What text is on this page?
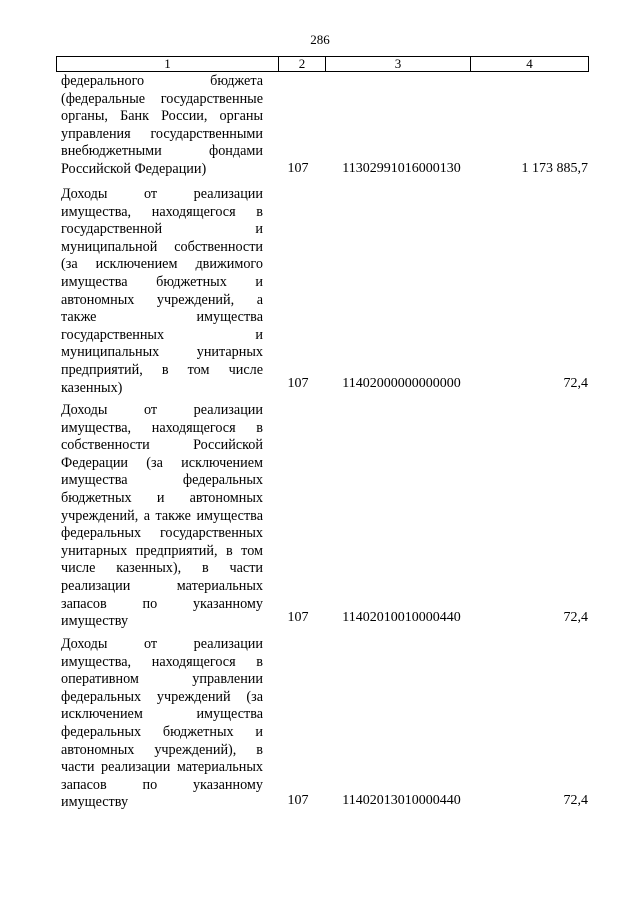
286
1	2	3	4
федерального бюджета (федеральные государственные органы, Банк России, органы управления государственными внебюджетными фондами Российской Федерации)	107	11302991016000130	1 173 885,7
Доходы от реализации имущества, находящегося в государственной и муниципальной собственности (за исключением движимого имущества бюджетных и автономных учреждений, а также имущества государственных и муниципальных унитарных предприятий, в том числе казенных)	107	11402000000000000	72,4
Доходы от реализации имущества, находящегося в собственности Российской Федерации (за исключением имущества федеральных бюджетных и автономных учреждений, а также имущества федеральных государственных унитарных предприятий, в том числе казенных), в части реализации материальных запасов по указанному имуществу	107	11402010010000440	72,4
Доходы от реализации имущества, находящегося в оперативном управлении федеральных учреждений (за исключением имущества федеральных бюджетных и автономных учреждений), в части реализации материальных запасов по указанному имуществу	107	11402013010000440	72,4
